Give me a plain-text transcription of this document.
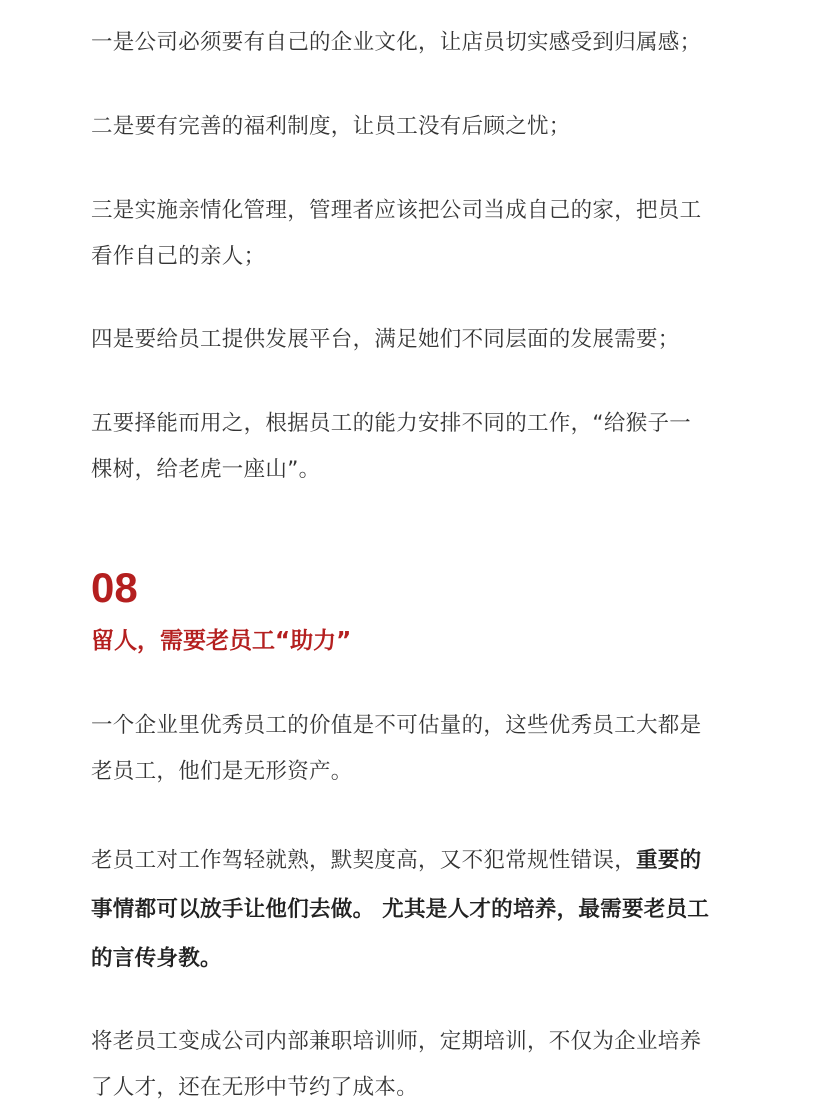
一是公司必须要有自己的企业文化，让店员切实感受到归属感；

二是要有完善的福利制度，让员工没有后顾之忧；

三是实施亲情化管理，管理者应该把公司当成自己的家，把员工
看作自己的亲人；

四是要给员工提供发展平台，满足她们不同层面的发展需要；

五要择能而用之，根据员工的能力安排不同的工作，“给猴子一
棵树，给老虎一座山”。

08
留人，需要老员工“助力”

一个企业里优秀员工的价值是不可估量的，这些优秀员工大都是
老员工，他们是无形资产。

老员工对工作驾轻就熟，默契度高，又不犯常规性错误，重要的
事情都可以放手让他们去做。 尤其是人才的培养，最需要老员工
的言传身教。

将老员工变成公司内部兼职培训师，定期培训，不仅为企业培养
了人才，还在无形中节约了成本。
